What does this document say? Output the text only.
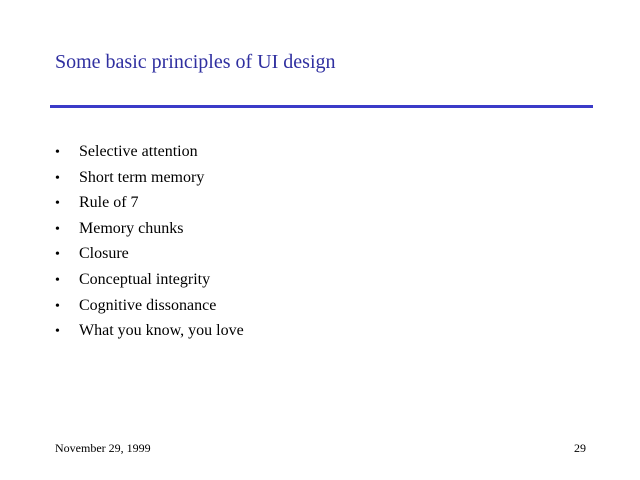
Some basic principles of UI design
•	Selective attention
•	Short term memory
•	Rule of 7
•	Memory chunks
•	Closure
•	Conceptual integrity
•	Cognitive dissonance
•	What you know, you love
November 29, 1999	29
